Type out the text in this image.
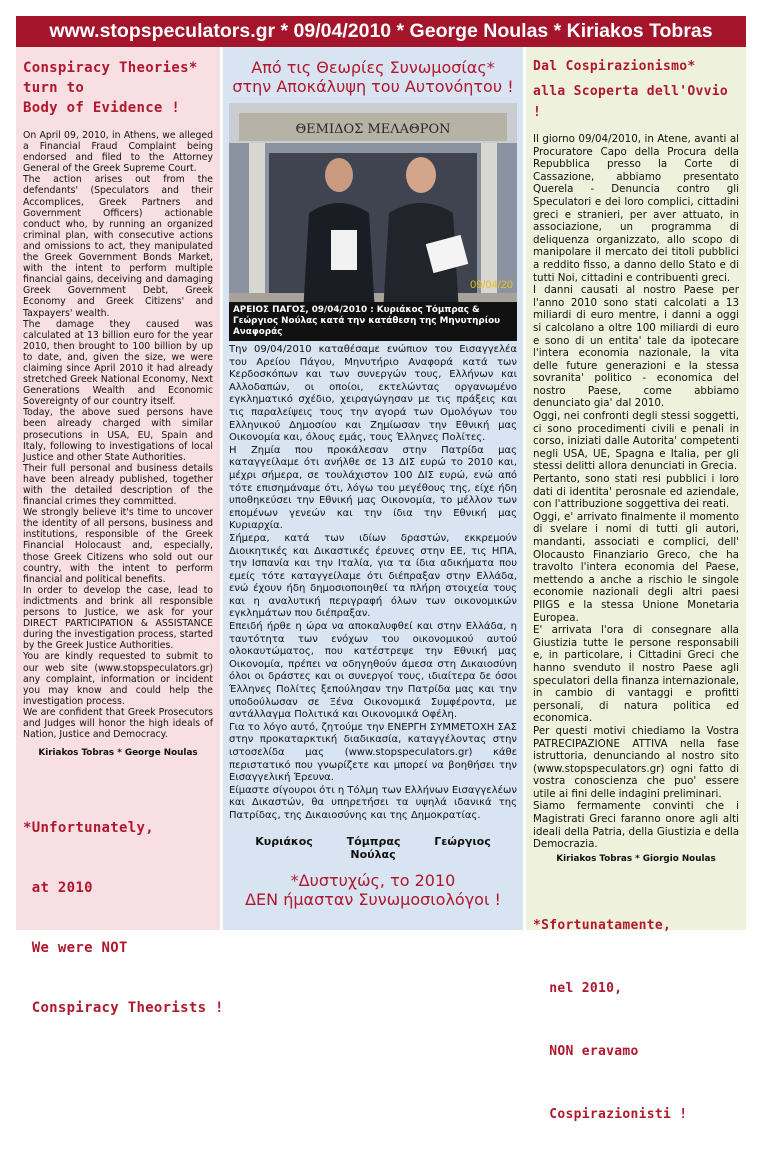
www.stopspeculators.gr * 09/04/2010 * George Noulas * Kiriakos Tobras
Conspiracy Theories*
turn to
Body of Evidence !

On April 09, 2010, in Athens, we alleged a Financial Fraud Complaint being endorsed and filed to the Attorney General of the Greek Supreme Court.

The action arises out from the defendants' (Speculators and their Accomplices, Greek Partners and Government Officers) actionable conduct who, by running an organized criminal plan, with consecutive actions and omissions to act, they manipulated the Greek Government Bonds Market, with the intent to perform multiple financial gains, deceiving and damaging Greek Government Debt, Greek Economy and Greek Citizens' and Taxpayers' wealth.

The damage they caused was calculated at 13 billion euro for the year 2010, then brought to 100 billion by up to date, and, given the size, we were claiming since April 2010 it had already stretched Greek National Economy, Next Generations Wealth and Economic Sovereignty of our country itself.

Today, the above sued persons have been already charged with similar prosecutions in USA, EU, Spain and Italy, following to investigations of local Justice and other State Authorities.

Their full personal and business details have been already published, together with the detailed description of the financial crimes they committed.

We strongly believe it's time to uncover the identity of all persons, business and institutions, responsible of the Greek Financial Holocaust and, especially, those Greek Citizens who sold out our country, with the intent to perform financial and political benefits.

In order to develop the case, lead to indictments and brink all responsible persons to Justice, we ask for your DIRECT PARTICIPATION & ASSISTANCE during the investigation process, started by the Greek Justice Authorities.

You are kindly requested to submit to our web site (www.stopspeculators.gr) any complaint, information or incident you may know and could help the investigation process.

We are confident that Greek Prosecutors and Judges will honor the high ideals of Nation, Justice and Democracy.

Kiriakos Tobras * George Noulas

*Unfortunately,

at 2010

We were NOT

Conspiracy Theorists !

Από τις Θεωρίες Συνωμοσίας*
στην Αποκάλυψη του Αυτονόητου !
ΘΕΜΙΔΟΣ ΜΕΛΑΘΡΟΝ
09/04/20
ΑΡΕΙΟΣ ΠΑΓΟΣ, 09/04/2010 : Κυριάκος Τόμπρας & Γεώργιος Νούλας κατά την κατάθεση της Μηνυτηρίου Αναφοράς

Την 09/04/2010 καταθέσαμε ενώπιον του Εισαγγελέα του Αρείου Πάγου, Μηνυτήριο Αναφορά κατά των Κερδοσκόπων και των συνεργών τους, Ελλήνων και Αλλοδαπών, οι οποίοι, εκτελώντας οργανωμένο εγκληματικό σχέδιο, χειραγώγησαν με τις πράξεις και τις παραλείψεις τους την αγορά των Ομολόγων του Ελληνικού Δημοσίου και Ζημίωσαν την Εθνική μας Οικονομία και, όλους εμάς, τους Έλληνες Πολίτες.

Η Ζημία που προκάλεσαν στην Πατρίδα μας καταγγείλαμε ότι ανήλθε σε 13 ΔΙΣ ευρώ το 2010 και, μέχρι σήμερα, σε τουλάχιστον 100 ΔΙΣ ευρώ, ενώ από τότε επισημάναμε ότι, λόγω του μεγέθους της, είχε ήδη υποθηκεύσει την Εθνική μας Οικονομία, το μέλλον των επομένων γενεών και την ίδια την Εθνική μας Κυριαρχία.

Σήμερα, κατά των ιδίων δραστών, εκκρεμούν Διοικητικές και Δικαστικές έρευνες στην ΕΕ, τις ΗΠΑ, την Ισπανία και την Ιταλία, για τα ίδια αδικήματα που εμείς τότε καταγγείλαμε ότι διέπραξαν στην Ελλάδα, ενώ έχουν ήδη δημοσιοποιηθεί τα πλήρη στοιχεία τους και η αναλυτική περιγραφή όλων των οικονομικών εγκλημάτων που διέπραξαν.

Επειδή ήρθε η ώρα να αποκαλυφθεί και στην Ελλάδα, η ταυτότητα των ενόχων του οικονομικού αυτού ολοκαυτώματος, που κατέστρεψε την Εθνική μας Οικονομία, πρέπει να οδηγηθούν άμεσα στη Δικαιοσύνη όλοι οι δράστες και οι συνεργοί τους, ιδιαίτερα δε όσοι Έλληνες Πολίτες ξεπούλησαν την Πατρίδα μας και την υποδούλωσαν σε Ξένα Οικονομικά Συμφέροντα, με αντάλλαγμα Πολιτικά και Οικονομικά Οφέλη.

Για το λόγο αυτό, ζητούμε την ΕΝΕΡΓΗ ΣΥΜΜΕΤΟΧΗ ΣΑΣ στην προκαταρκτική διαδικασία, καταγγέλοντας στην ιστοσελίδα μας (www.stopspeculators.gr) κάθε περιστατικό που γνωρίζετε και μπορεί να βοηθήσει την Εισαγγελική Έρευνα.

Είμαστε σίγουροι ότι η Τόλμη των Ελλήνων Εισαγγελέων και Δικαστών, θα υπηρετήσει τα υψηλά ιδανικά της Πατρίδας, της Δικαιοσύνης και της Δημοκρατίας.

Κυριάκος Τόμπρας Γεώργιος Νούλας
*Δυστυχώς, το 2010
ΔΕΝ ήμασταν Συνωμοσιολόγοι !
Dal Cospirazionismo*
alla Scoperta dell'Ovvio !

Il giorno 09/04/2010, in Atene, avanti al Procuratore Capo della Procura della Repubblica presso la Corte di Cassazione, abbiamo presentato Querela - Denuncia contro gli Speculatori e dei loro complici, cittadini greci e stranieri, per aver attuato, in associazione, un programma di deliquenza organizzato, allo scopo di manipolare il mercato dei titoli pubblici a reddito fisso, a danno dello Stato e di tutti Noi, cittadini e contribuenti greci.

I danni causati al nostro Paese per l'anno 2010 sono stati calcolati a 13 miliardi di euro mentre, i danni a oggi si calcolano a oltre 100 miliardi di euro e sono di un entita' tale da ipotecare l'intera economia nazionale, la vita delle future generazioni e la stessa sovranita' politico - economica del nostro Paese, come abbiamo denunciato gia' dal 2010.

Oggi, nei confronti degli stessi soggetti, ci sono procedimenti civili e penali in corso, iniziati dalle Autorita' competenti negli USA, UE, Spagna e Italia, per gli stessi delitti allora denunciati in Grecia.

Pertanto, sono stati resi pubblici i loro dati di identita' perosnale ed aziendale, con l'attribuzione soggettiva dei reati.

Oggi, e' arrivato finalmente il momento di svelare i nomi di tutti gli autori, mandanti, associati e complici, dell' Olocausto Finanziario Greco, che ha travolto l'intera economia del Paese, mettendo a anche a rischio le singole economie nazionali degli altri paesi PIIGS e la stessa Unione Monetaria Europea.

E' arrivata l'ora di consegnare alla Giustizia tutte le persone responsabili e, in particolare, i Cittadini Greci che hanno svenduto il nostro Paese agli speculatori della finanza internazionale, in cambio di vantaggi e profitti personali, di natura politica ed economica.

Per questi motivi chiediamo la Vostra PATRECIPAZIONE ATTIVA nella fase istruttoria, denunciando al nostro sito (www.stopspeculators.gr) ogni fatto di vostra conoscienza che puo' essere utile ai fini delle indagini preliminari.

Siamo fermamente convinti che i Magistrati Greci faranno onore agli alti ideali della Patria, della Giustizia e della Democrazia.

Kiriakos Tobras * Giorgio Noulas

*Sfortunatamente,

nel 2010,

NON eravamo

Cospirazionisti !
